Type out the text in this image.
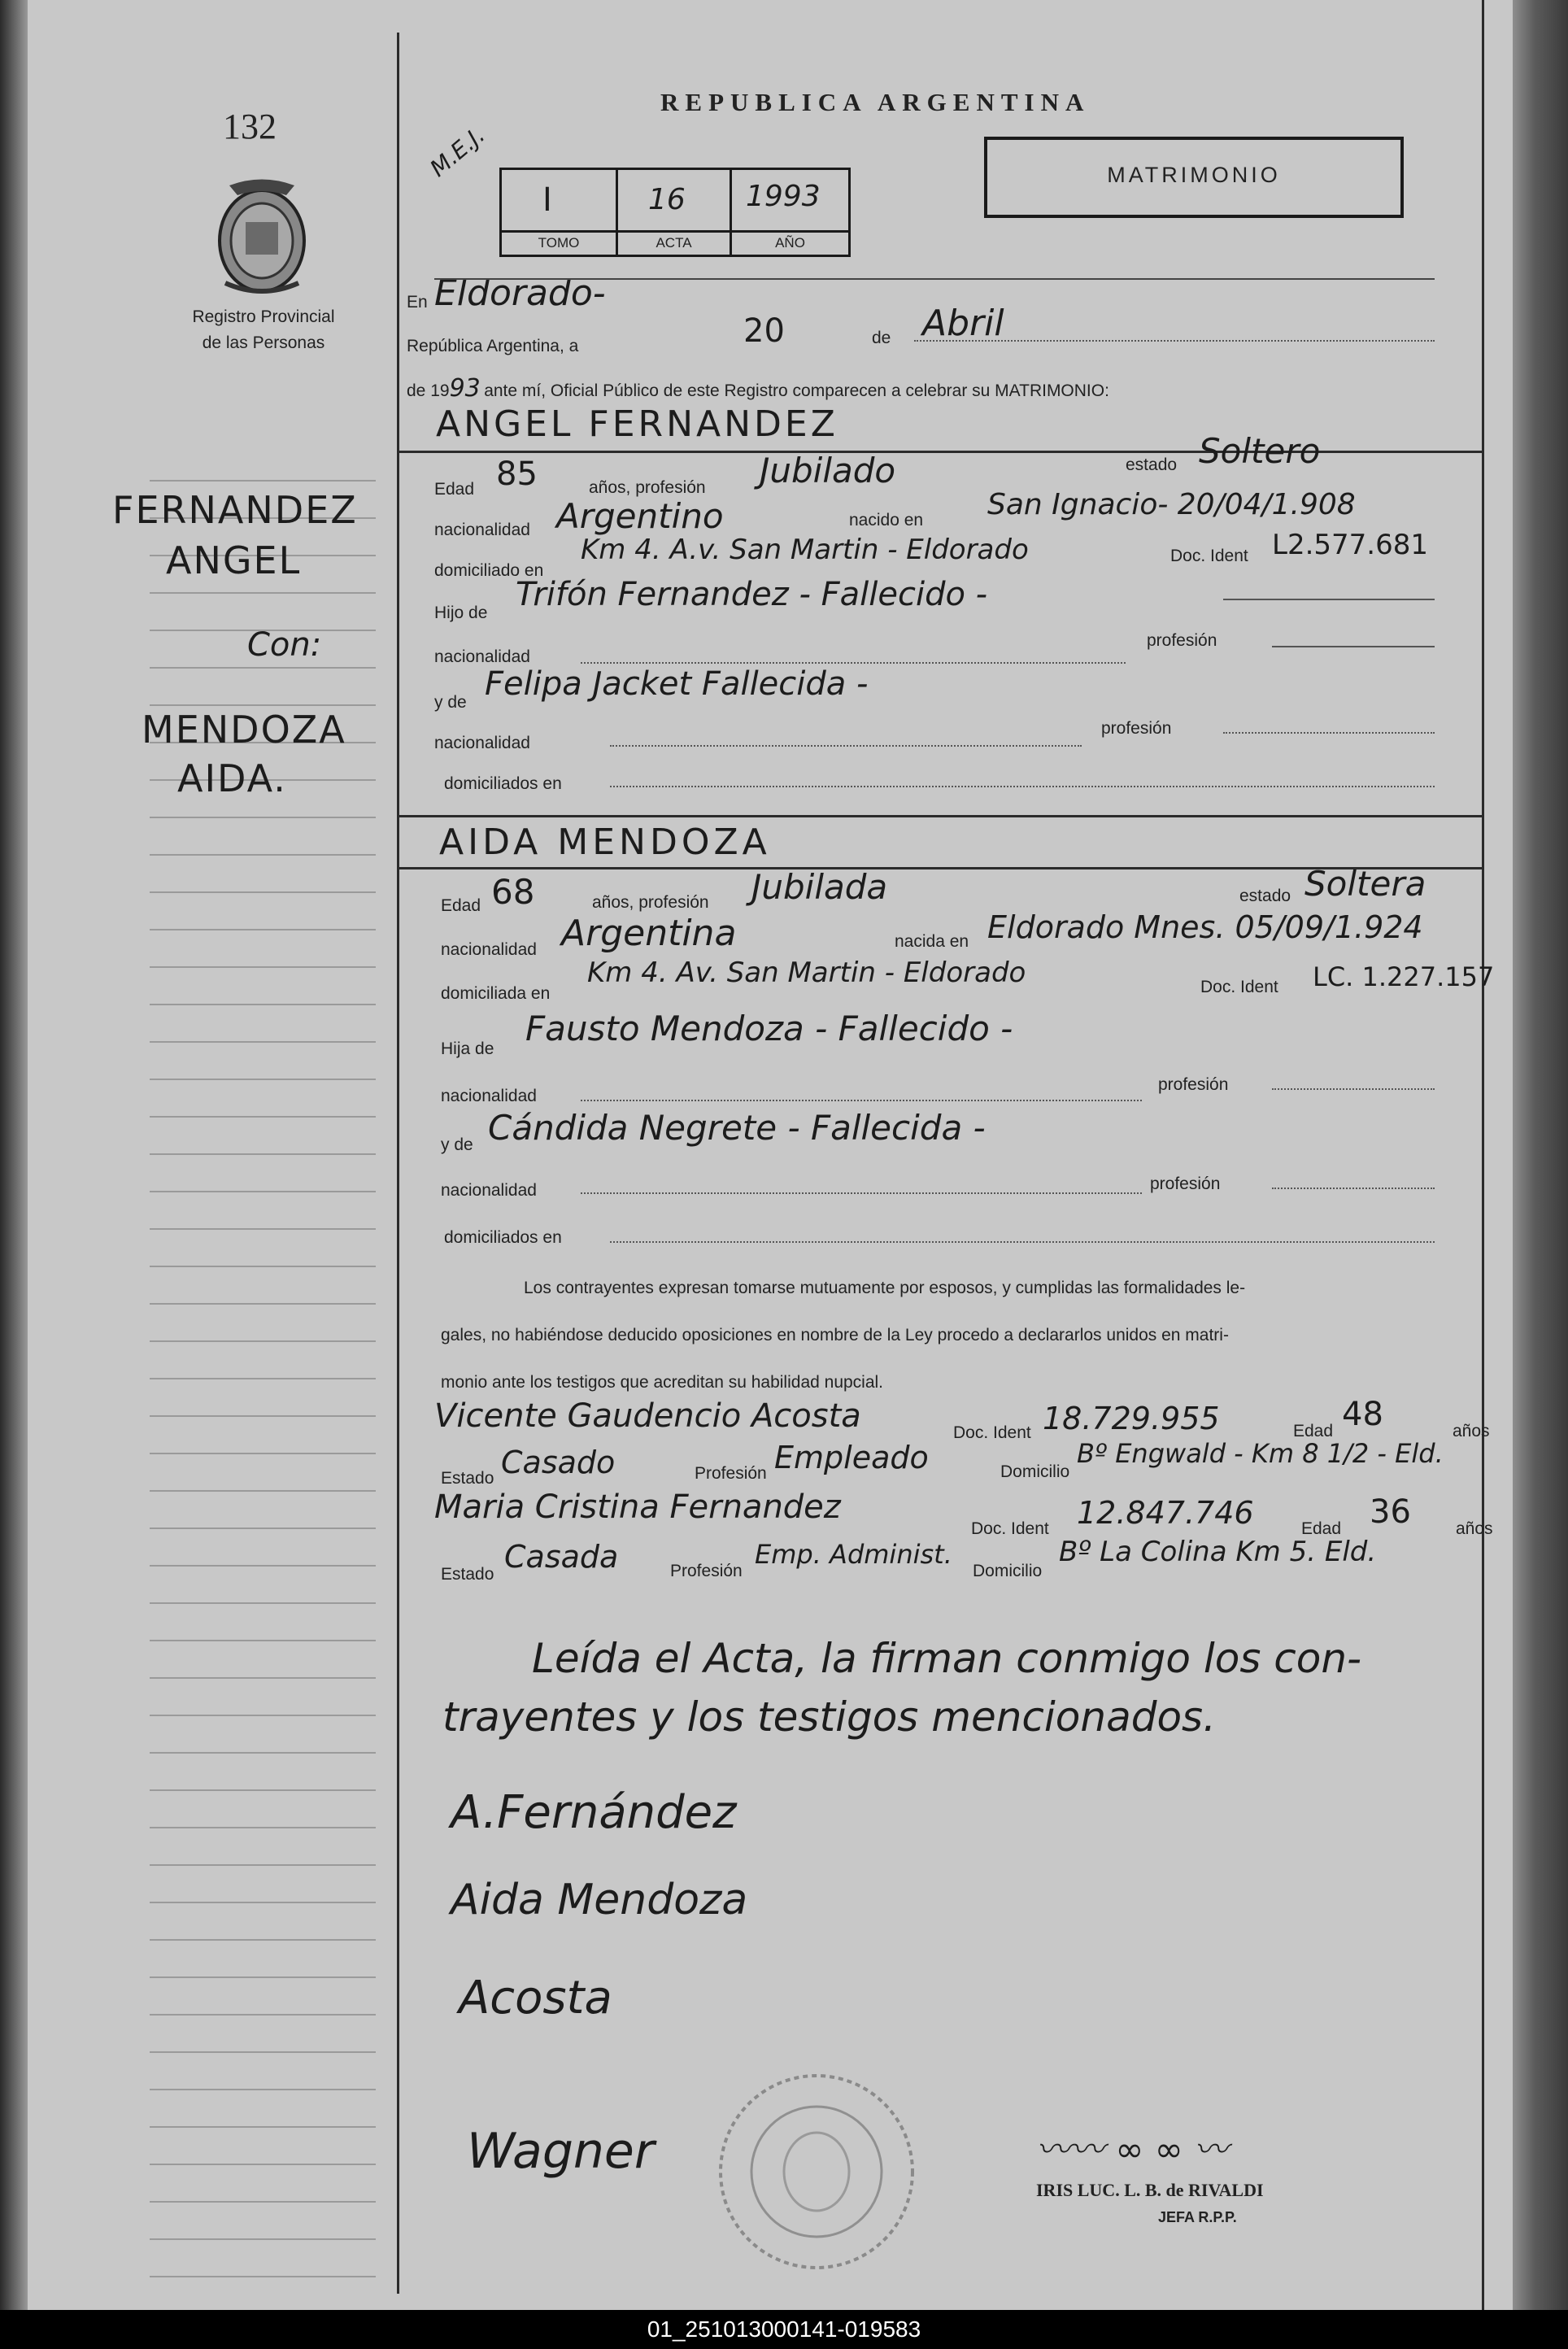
132
Registro Provincial
de las Personas
REPUBLICA ARGENTINA
MATRIMONIO
M.E.J.
I	16 1993
TOMO	ACTA	AÑO
FERNANDEZ
ANGEL
Con:
MENDOZA
AIDA.
En Eldorado-
República Argentina, a	20	de Abril
de 1993 ante mí, Oficial Público de este Registro comparecen a celebrar su MATRIMONIO:
ANGEL FERNANDEZ
Edad 85	años, profesión Jubilado	estado Soltero
nacionalidad Argentino	nacido en San Ignacio- 20/04/1.908
domiciliado en
Km 4. A.v. San Martin - Eldorado	Doc. Ident L2.577.681
Hijo de Trifón Fernandez - Fallecido -
nacionalidad
profesión
y de Felipa Jacket Fallecida -
nacionalidad
profesión
domiciliados en
AIDA MENDOZA
Edad 68	años, profesión Jubilada	estado Soltera
nacionalidad Argentina	nacida en Eldorado Mnes. 05/09/1.924
domiciliada en
Km 4. Av. San Martin - Eldorado	Doc. Ident LC. 1.227.157
Hija de
Fausto Mendoza - Fallecido -
nacionalidad
profesión
y de Cándida Negrete - Fallecida -
nacionalidad	profesión
domiciliados en
Los contrayentes expresan tomarse mutuamente por esposos, y cumplidas las formalidades le-
gales, no habiéndose deducido oposiciones en nombre de la Ley procedo a declararlos unidos en matri-
monio ante los testigos que acreditan su habilidad nupcial.
Vicente Gaudencio Acosta	Doc. Ident 18.729.955	Edad 48	años
Estado Casado	Profesión Empleado	Domicilio
Bº Engwald - Km 8 1/2 - Eld.
Maria Cristina Fernandez
Doc. Ident 12.847.746	Edad 36	años
Estado Casada	Profesión
Emp. Administ.
Domicilio
Bº La Colina Km 5. Eld.
Leída el Acta, la firman conmigo los con-
trayentes y los testigos mencionados.
A.Fernández
Aida Mendoza
Acosta
Wagner	〰〰 ∞ ∞ 〰
IRIS LUC. L. B. de RIVALDI
JEFA R.P.P.
01_251013000141-019583
